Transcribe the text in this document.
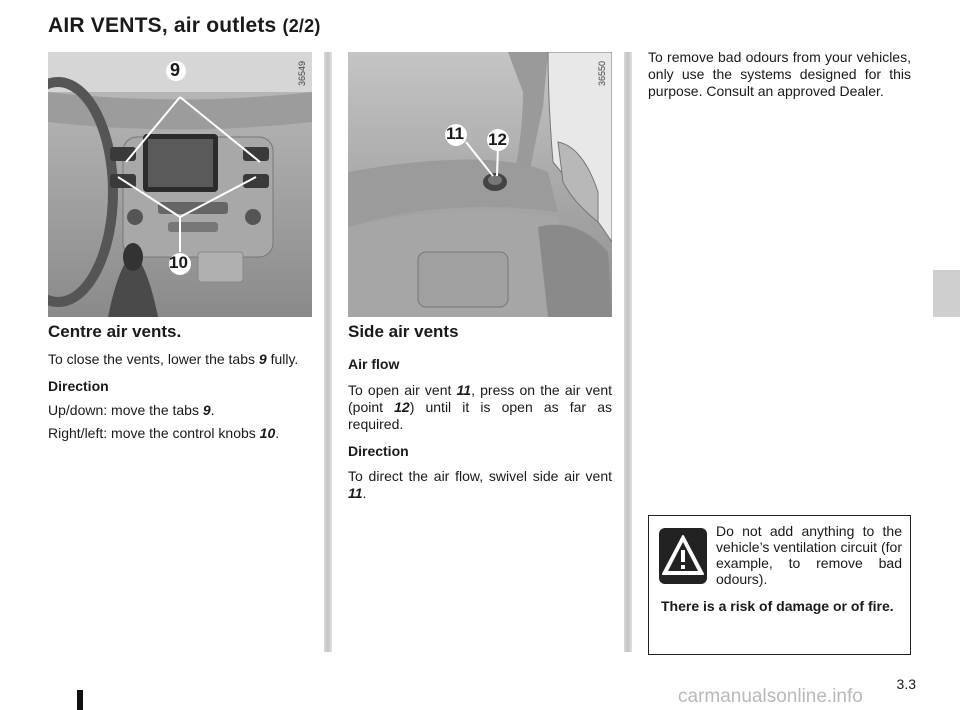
AIR VENTS, air outlets (2/2)
9
10
36549
11 12
36550
Centre air vents.

To close the vents, lower the tabs 9 fully.

Direction

Up/down: move the tabs 9.

Right/left: move the control knobs 10.

Side air vents

Air flow

To open air vent 11, press on the air vent (point 12) until it is open as far as required.

Direction

To direct the air flow, swivel side air vent 11.

To remove bad odours from your vehicles, only use the systems designed for this purpose. Consult an approved Dealer.

Do not add anything to the vehicle’s ventilation circuit (for example, to remove bad odours).
There is a risk of damage or of fire.
3.3
carmanualsonline.info
